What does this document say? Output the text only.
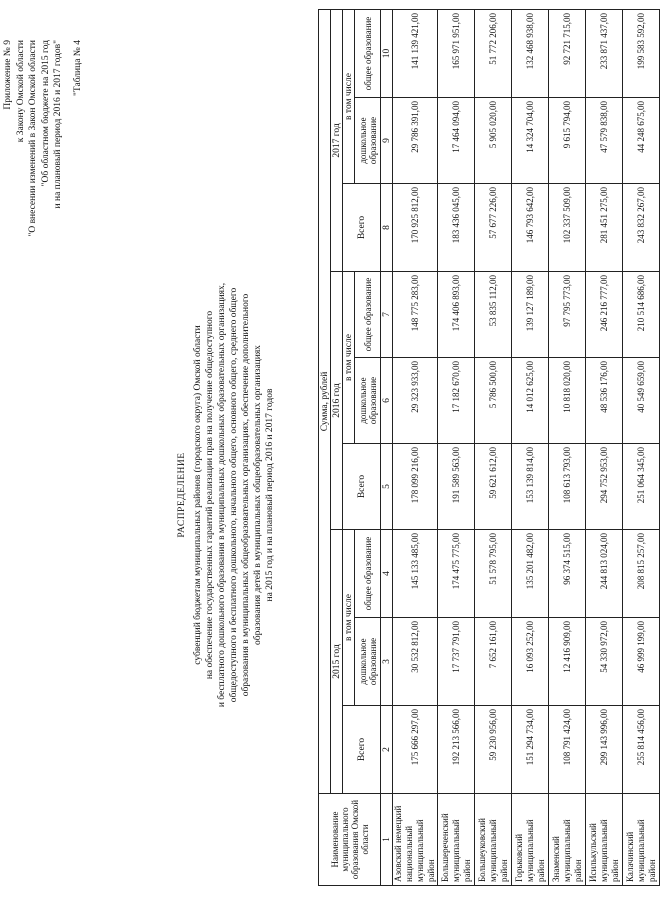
Приложение № 9 к Закону Омской области "О внесении изменений в Закон Омской области "Об областном бюджете на 2015 год и на плановый период 2016 и 2017 годов" "Таблица № 4
РАСПРЕДЕЛЕНИЕ субвенций бюджетам муниципальных районов (городского округа) Омской области на обеспечение государственных гарантий реализации прав на получение общедоступного и бесплатного дошкольного образования в муниципальных дошкольных образовательных организациях, общедоступного и бесплатного дошкольного, начального общего, основного общего, среднего общего образования в муниципальных общеобразовательных организациях, обеспечение дополнительного образования детей в муниципальных общеобразовательных организациях на 2015 год и на плановый период 2016 и 2017 годов
Наименование муниципального образования Омской области	Сумма, рублей								
	2015 год			2016 год			2017 год		
	Всего	в том числе		Всего	в том числе		Всего	в том числе	
		дошкольное образование	общее образование		дошкольное образование	общее образование		дошкольное образование	общее образование
1	2	3	4	5	6	7	8	9	10
Азовский немецкий национальный муниципальный район	175 666 297,00	30 532 812,00	145 133 485,00	178 099 216,00	29 323 933,00	148 775 283,00	170 925 812,00	29 786 391,00	141 139 421,00
Большереченский муниципальный район	192 213 566,00	17 737 791,00	174 475 775,00	191 589 563,00	17 182 670,00	174 406 893,00	183 436 045,00	17 464 094,00	165 971 951,00
Большеуковский муниципальный район	59 230 956,00	7 652 161,00	51 578 795,00	59 621 612,00	5 786 500,00	53 835 112,00	57 677 226,00	5 905 020,00	51 772 206,00
Горьковский муниципальный район	151 294 734,00	16 093 252,00	135 201 482,00	153 139 814,00	14 012 625,00	139 127 189,00	146 793 642,00	14 324 704,00	132 468 938,00
Знаменский муниципальный район	108 791 424,00	12 416 909,00	96 374 515,00	108 613 793,00	10 818 020,00	97 795 773,00	102 337 509,00	9 615 794,00	92 721 715,00
Исилькульский муниципальный район	299 143 996,00	54 330 972,00	244 813 024,00	294 752 953,00	48 536 176,00	246 216 777,00	281 451 275,00	47 579 838,00	233 871 437,00
Калачинский муниципальный район	255 814 456,00	46 999 199,00	208 815 257,00	251 064 345,00	40 549 659,00	210 514 686,00	243 832 267,00	44 248 675,00	199 583 592,00
